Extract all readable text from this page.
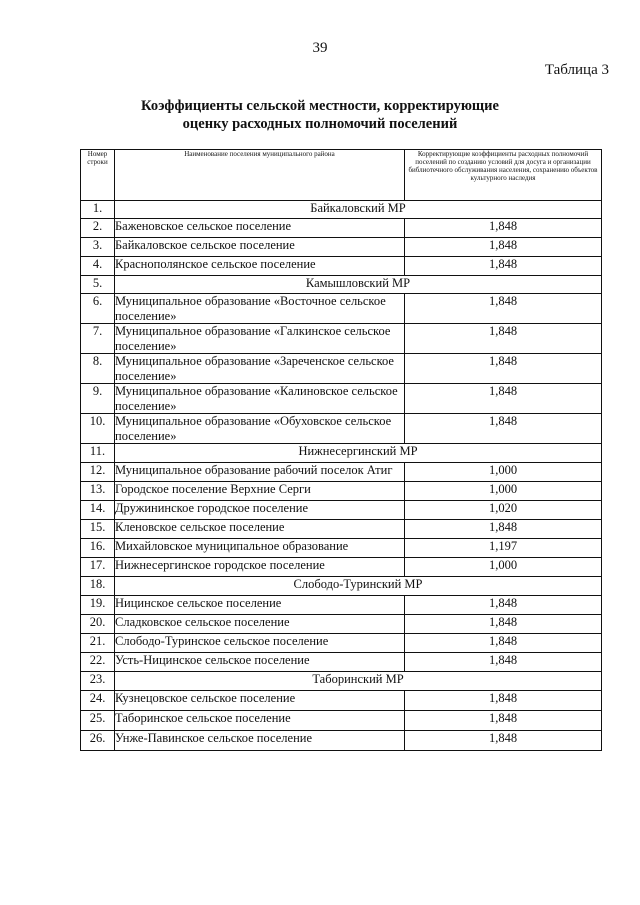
39
Таблица 3
Коэффициенты сельской местности, корректирующие
оценку расходных полномочий поселений
Номер строки	Наименование поселения муниципального района	Корректирующие коэффициенты расходных полномочий поселений по созданию условий для досуга и организации библиотечного обслуживания населения, сохранению объектов культурного наследия
1.	Байкаловский МР	
2.	Баженовское сельское поселение	1,848
3.	Байкаловское сельское поселение	1,848
4.	Краснополянское сельское поселение	1,848
5.	Камышловский МР	
6.	Муниципальное образование «Восточное сельское поселение»	1,848
7.	Муниципальное образование «Галкинское сельское поселение»	1,848
8.	Муниципальное образование «Зареченское сельское поселение»	1,848
9.	Муниципальное образование «Калиновское сельское поселение»	1,848
10.	Муниципальное образование «Обуховское сельское поселение»	1,848
11.	Нижнесергинский МР	
12.	Муниципальное образование рабочий поселок Атиг	1,000
13.	Городское поселение Верхние Серги	1,000
14.	Дружининское городское поселение	1,020
15.	Кленовское сельское поселение	1,848
16.	Михайловское муниципальное образование	1,197
17.	Нижнесергинское городское поселение	1,000
18.	Слободо-Туринский МР	
19.	Ницинское сельское поселение	1,848
20.	Сладковское сельское поселение	1,848
21.	Слободо-Туринское сельское поселение	1,848
22.	Усть-Ницинское сельское поселение	1,848
23.	Таборинский МР	
24.	Кузнецовское сельское поселение	1,848
25.	Таборинское сельское поселение	1,848
26.	Унже-Павинское сельское поселение	1,848
